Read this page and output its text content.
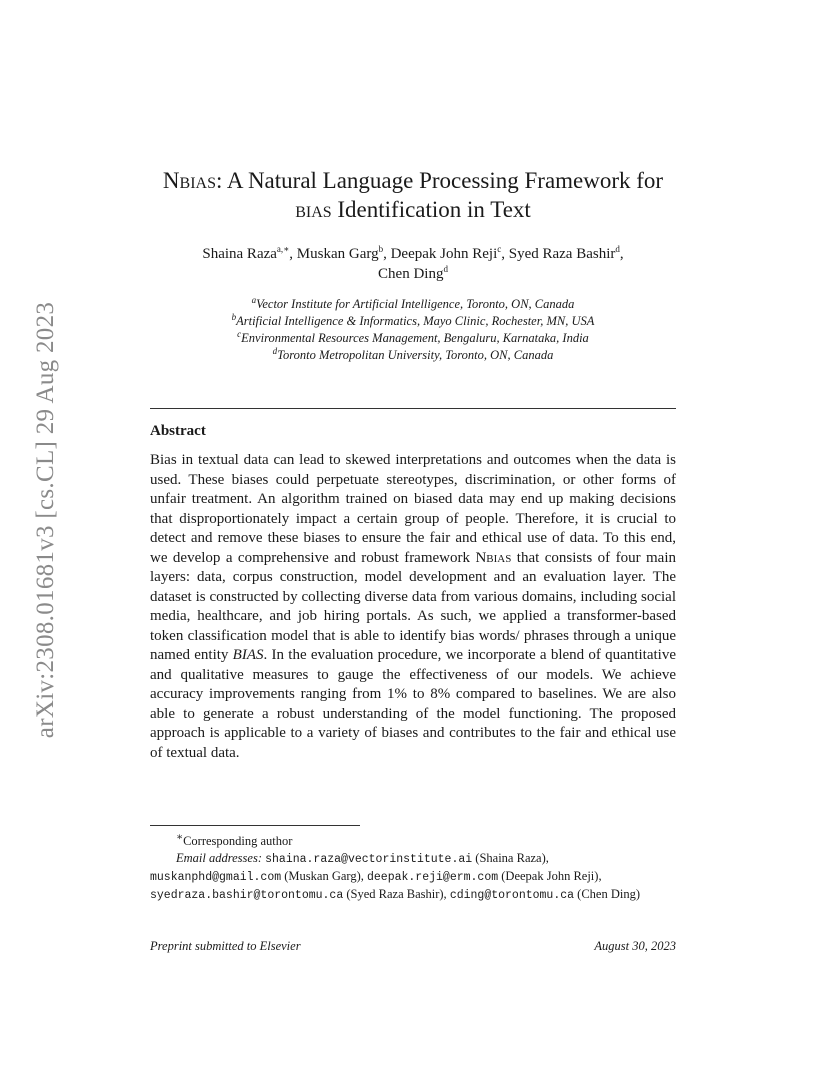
arXiv:2308.01681v3 [cs.CL] 29 Aug 2023
Nbias: A Natural Language Processing Framework for
bias Identification in Text
Shaina Raza$^{a,∗}$, Muskan Garg$^b$, Deepak John Reji$^c$, Syed Raza Bashir$^d$,
Chen Ding$^d$
$^a$Vector Institute for Artificial Intelligence, Toronto, ON, Canada
$^b$Artificial Intelligence & Informatics, Mayo Clinic, Rochester, MN, USA
$^c$Environmental Resources Management, Bengaluru, Karnataka, India
$^d$Toronto Metropolitan University, Toronto, ON, Canada
Abstract
Bias in textual data can lead to skewed interpretations and outcomes when the data is used. These biases could perpetuate stereotypes, discrimination, or other forms of unfair treatment. An algorithm trained on biased data may end up making decisions that disproportionately impact a certain group of people. Therefore, it is crucial to detect and remove these biases to ensure the fair and ethical use of data. To this end, we develop a comprehensive and robust framework Nbias that consists of four main layers: data, corpus construction, model development and an evaluation layer. The dataset is constructed by collecting diverse data from various domains, including social media, healthcare, and job hiring portals. As such, we applied a transformer-based token classification model that is able to identify bias words/ phrases through a unique named entity BIAS. In the evaluation procedure, we incorporate a blend of quantitative and qualitative measures to gauge the effectiveness of our models. We achieve accuracy improvements ranging from 1% to 8% compared to baselines. We are also able to generate a robust understanding of the model functioning. The proposed approach is applicable to a variety of biases and contributes to the fair and ethical use of textual data.
∗Corresponding author
Email addresses: shaina.raza@vectorinstitute.ai (Shaina Raza), muskanphd@gmail.com (Muskan Garg), deepak.reji@erm.com (Deepak John Reji), syedraza.bashir@torontomu.ca (Syed Raza Bashir), cding@torontomu.ca (Chen Ding)
Preprint submitted to Elsevier	August 30, 2023
